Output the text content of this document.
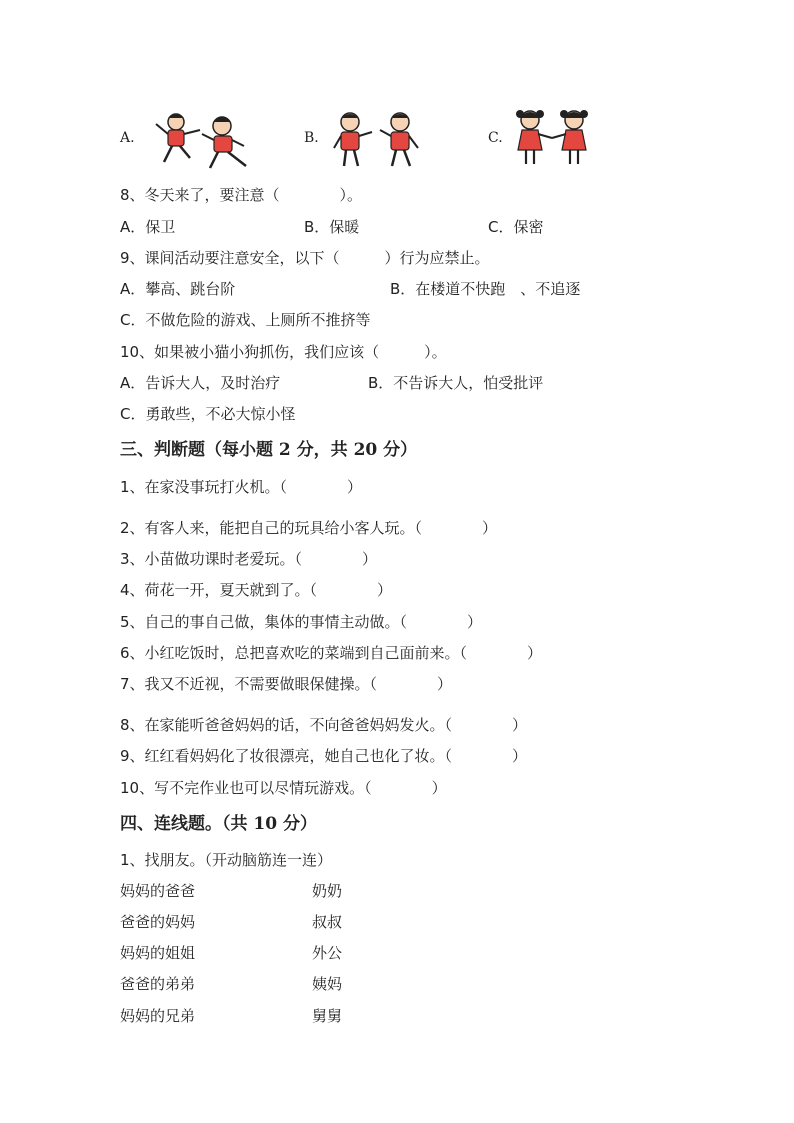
A.	B.	C.
8、冬天来了，要注意（　　　　）。
A．保卫	B．保暖	C．保密
9、课间活动要注意安全，以下（　　　）行为应禁止。
A．攀高、跳台阶	B．在楼道不快跑　、不追逐
C．不做危险的游戏、上厕所不推挤等
10、如果被小猫小狗抓伤，我们应该（　　　）。
A．告诉大人，及时治疗	B．不告诉大人，怕受批评
C．勇敢些，不必大惊小怪
三、判断题（每小题 2 分，共 20 分）
1、在家没事玩打火机。（　　　　）
2、有客人来，能把自己的玩具给小客人玩。（　　　　）
3、小苗做功课时老爱玩。（　　　　）
4、荷花一开，夏天就到了。（　　　　）
5、自己的事自己做，集体的事情主动做。（　　　　）
6、小红吃饭时，总把喜欢吃的菜端到自己面前来。（　　　　）
7、我又不近视，不需要做眼保健操。（　　　　）
8、在家能听爸爸妈妈的话，不向爸爸妈妈发火。（　　　　）
9、红红看妈妈化了妆很漂亮，她自己也化了妆。（　　　　）
10、写不完作业也可以尽情玩游戏。（　　　　）
四、连线题。（共 10 分）
1、找朋友。（开动脑筋连一连）
妈妈的爸爸	奶奶
爸爸的妈妈	叔叔
妈妈的姐姐	外公
爸爸的弟弟	姨妈
妈妈的兄弟	舅舅
